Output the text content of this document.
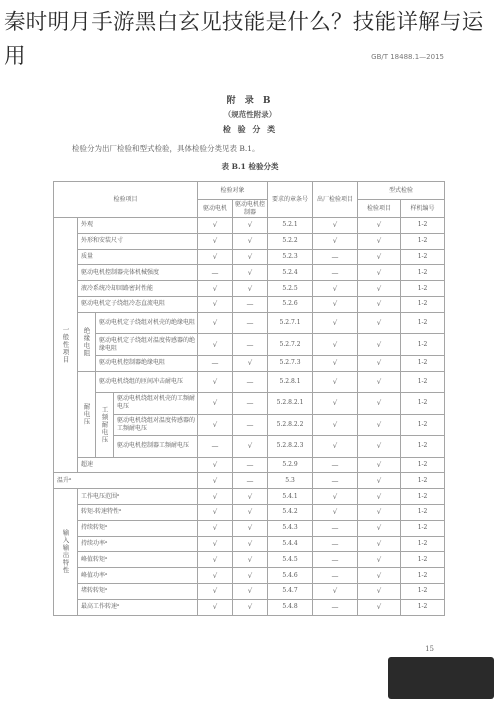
秦时明月手游黑白玄见技能是什么？技能详解与运用	GB/T 18488.1—2015
附 录 B
（规范性附录）
检 验 分 类
检验分为出厂检验和型式检验，具体检验分类见表 B.1。
表 B.1 检验分类
检验项目				检验对象		要求的章条号	出厂检验项目	型式检验	
				驱动电机	驱动电机控制器			检验项目	样机编号
一般性项目	外观			√	√	5.2.1	√	√	1-2
	外形和安装尺寸			√	√	5.2.2	√	√	1-2
	质量			√	√	5.2.3	—	√	1-2
	驱动电机控制器壳体机械强度			—	√	5.2.4	—	√	1-2
	液冷系统冷却回路密封性能			√	√	5.2.5	√	√	1-2
	驱动电机定子绕组冷态直流电阻			√	—	5.2.6	√	√	1-2
	绝缘电阻	驱动电机定子绕组对机壳的绝缘电阻		√	—	5.2.7.1	√	√	1-2
		驱动电机定子绕组对温度传感器的绝缘电阻		√	—	5.2.7.2	√	√	1-2
		驱动电机控制器绝缘电阻		—	√	5.2.7.3	√	√	1-2
	耐电压	驱动电机绕组的匝间冲击耐电压		√	—	5.2.8.1	√	√	1-2
		工频耐电压	驱动电机绕组对机壳的工频耐电压	√	—	5.2.8.2.1	√	√	1-2
			驱动电机绕组对温度传感器的工频耐电压	√	—	5.2.8.2.2	√	√	1-2
			驱动电机控制器工频耐电压	—	√	5.2.8.2.3	√	√	1-2
	超速			√	—	5.2.9	—	√	1-2
温升ᵃ				√	—	5.3	—	√	1-2
输入输出特性	工作电压范围ᵃ			√	√	5.4.1	√	√	1-2
	转矩-转速特性ᵃ			√	√	5.4.2	√	√	1-2
	持续转矩ᵃ			√	√	5.4.3	—	√	1-2
	持续功率ᵃ			√	√	5.4.4	—	√	1-2
	峰值转矩ᵃ			√	√	5.4.5	—	√	1-2
	峰值功率ᵃ			√	√	5.4.6	—	√	1-2
	堵转转矩ᵃ			√	√	5.4.7	√	√	1-2
	最高工作转速ᵃ			√	√	5.4.8	—	√	1-2
15
